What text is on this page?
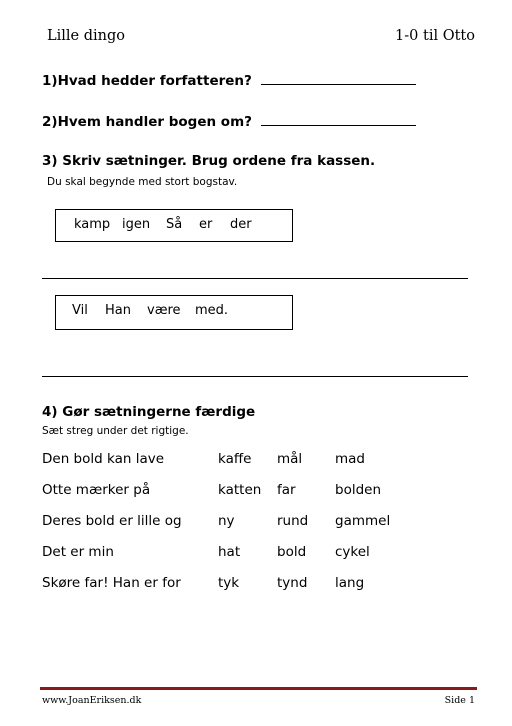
Lille dingo	1-0 til Otto
1)Hvad hedder forfatteren?
2)Hvem handler bogen om?
3) Skriv sætninger. Brug ordene fra kassen.
Du skal begynde med stort bogstav.
kamp igen Så er der
Vil Han være med.
4) Gør sætningerne færdige
Sæt streg under det rigtige.
Den bold kan lave	kaffe mål mad
Otte mærker på	katten far	bolden
Deres bold er lille og	ny	rund gammel
Det er min	hat	bold cykel
Skøre far! Han er for	tyk	tynd lang
www.JoanEriksen.dk	Side 1
